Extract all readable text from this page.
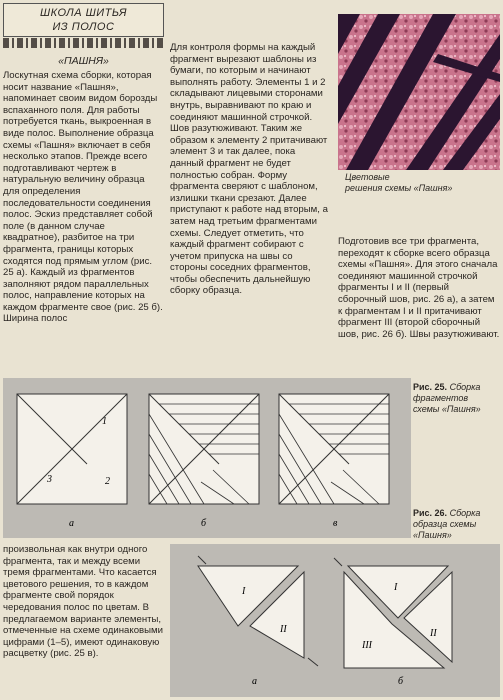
ШКОЛА ШИТЬЯ
ИЗ ПОЛОС
«ПАШНЯ»

Лоскутная схема сборки, которая носит название «Пашня», напоминает своим видом борозды вспаханного поля. Для работы потребуется ткань, выкроенная в виде полос. Выполнение образца схемы «Пашня» включает в себя несколько этапов. Прежде всего подготавливают чертеж в натуральную величину образца для определения последовательности соединения полос. Эскиз представляет собой поле (в данном случае квадратное), разбитое на три фрагмента, границы которых сходятся под прямым углом (рис. 25 а). Каждый из фрагментов заполняют рядом параллельных полос, направление которых на каждом фрагменте свое (рис. 25 б). Ширина полос

Для контроля формы на каждый фрагмент вырезают шаблоны из бумаги, по которым и начинают выполнять работу. Элементы 1 и 2 складывают лицевыми сторонами внутрь, выравнивают по краю и соединяют машинной строчкой. Шов разутюживают. Таким же образом к элементу 2 притачивают элемент 3 и так далее, пока данный фрагмент не будет полностью собран. Форму фрагмента сверяют с шаблоном, излишки ткани срезают. Далее приступают к работе над вторым, а затем над третьим фрагментами схемы. Следует отметить, что каждый фрагмент собирают с учетом припуска на швы со стороны соседних фрагментов, чтобы обеспечить дальнейшую сборку образца.

Подготовив все три фрагмента, переходят к сборке всего образца схемы «Пашня». Для этого сначала соединяют машинной строчкой фрагменты I и II (первый сборочный шов, рис. 26 а), а затем к фрагментам I и II притачивают фрагмент III (второй сборочный шов, рис. 26 б). Швы разутюживают.

произвольная как внутри одного фрагмента, так и между всеми тремя фрагментами. Что касается цветового решения, то в каждом фрагменте свой порядок чередования полос по цветам. В предлагаемом варианте элементы, отмеченные на схеме одинаковыми цифрами (1–5), имеют одинаковую расцветку (рис. 25 в).

Цветовые
решения схемы «Пашня»
1
3	2
а	б	в
Рис. 25. Сборка
фрагментов
схемы «Пашня»
Рис. 26. Сборка
образца схемы
«Пашня»
I
II
а
I
II
III
б
